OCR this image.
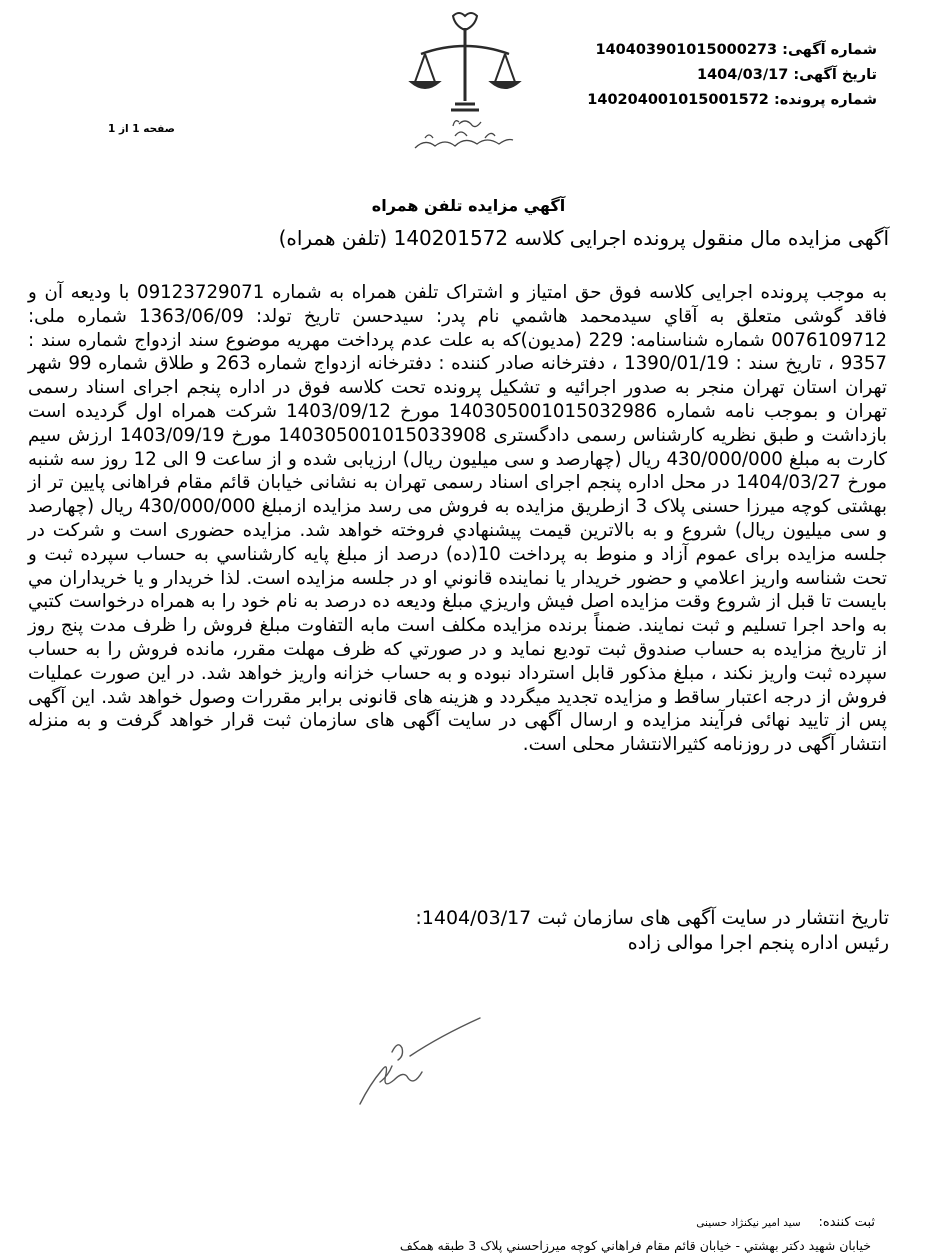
شماره آگهی: 14040390101500027‌3
تاریخ آگهی: 1404/03/17
شماره پرونده: 14020400101500157‌2
صفحه 1 از 1
آگهي مزايده تلفن همراه
آگهی مزایده مال منقول پرونده اجرایی کلاسه 140201572 (تلفن همراه)
به موجب پرونده اجرایی کلاسه فوق حق امتیاز و اشتراک تلفن همراه به شماره 09123729071 با ودیعه آن و فاقد گوشی متعلق به آقاي سیدمحمد هاشمي نام پدر: سیدحسن تاریخ تولد: 1363/06/09 شماره ملی: 0076109712 شماره شناسنامه: 229 (مدیون)که به علت عدم پرداخت مهریه موضوع سند ازدواج شماره سند : 9357 ، تاریخ سند : 1390/01/19 ، دفترخانه صادر کننده : دفترخانه ازدواج شماره 263 و طلاق شماره 99 شهر تهران استان تهران منجر به صدور اجرائیه و تشکیل پرونده تحت کلاسه فوق در اداره پنجم اجرای اسناد رسمی تهران و بموجب نامه شماره 14030500101503298‌6 مورخ 1403/09/12 شرکت همراه اول گردیده است بازداشت و طبق نظریه کارشناس رسمی دادگستری 14030500101503390‌8 مورخ 1403/09/19 ارزش سیم کارت به مبلغ 430/000/000 ریال (چهارصد و سی میلیون ریال) ارزیابی شده و از ساعت 9 الی 12 روز سه شنبه مورخ 1404/03/27 در محل اداره پنجم اجرای اسناد رسمی تهران به نشانی خیابان قائم مقام فراهانی پایین تر از بهشتی کوچه میرزا حسنی پلاک 3 ازطریق مزایده به فروش می رسد مزایده ازمبلغ 430/000/000 ریال (چهارصد و سی میلیون ریال) شروع و به بالاترین قیمت پیشنهادي فروخته خواهد شد. مزایده حضوری است و شرکت در جلسه مزایده برای عموم آزاد و منوط به پرداخت 10(ده) درصد از مبلغ پایه کارشناسي به حساب سپرده ثبت و تحت شناسه واریز اعلامي و حضور خریدار یا نماینده قانوني او در جلسه مزایده است. لذا خریدار و یا خریداران مي بایست تا قبل از شروع وقت مزایده اصل فیش واریزي مبلغ ودیعه ده درصد به نام خود را به همراه درخواست کتبي به واحد اجرا تسلیم و ثبت نمایند. ضمناً برنده مزایده مکلف است مابه التفاوت مبلغ فروش را ظرف مدت پنج روز از تاریخ مزایده به حساب صندوق ثبت تودیع نماید و در صورتي که ظرف مهلت مقرر، مانده فروش را به حساب سپرده ثبت واریز نکند ، مبلغ مذکور قابل استرداد نبوده و به حساب خزانه واریز خواهد شد. در این صورت عملیات فروش از درجه اعتبار ساقط و مزایده تجدید میگردد و هزینه های قانونی برابر مقررات وصول خواهد شد. این آگهی پس از تایید نهائی فرآیند مزایده و ارسال آگهی در سایت آگهی های سازمان ثبت قرار خواهد گرفت و به منزله انتشار آگهی در روزنامه کثیرالانتشار محلی است.
تاریخ انتشار در سایت آگهی های سازمان ثبت 1404/03/17:
رئیس اداره پنجم اجرا موالی زاده
ثبت کننده: سید امیر نیکنژاد حسینی
خیابان شهید دکتر بهشتي - خیابان قائم مقام فراهاني كوچه ميرزاحسني پلاک 3 طبقه همكف
